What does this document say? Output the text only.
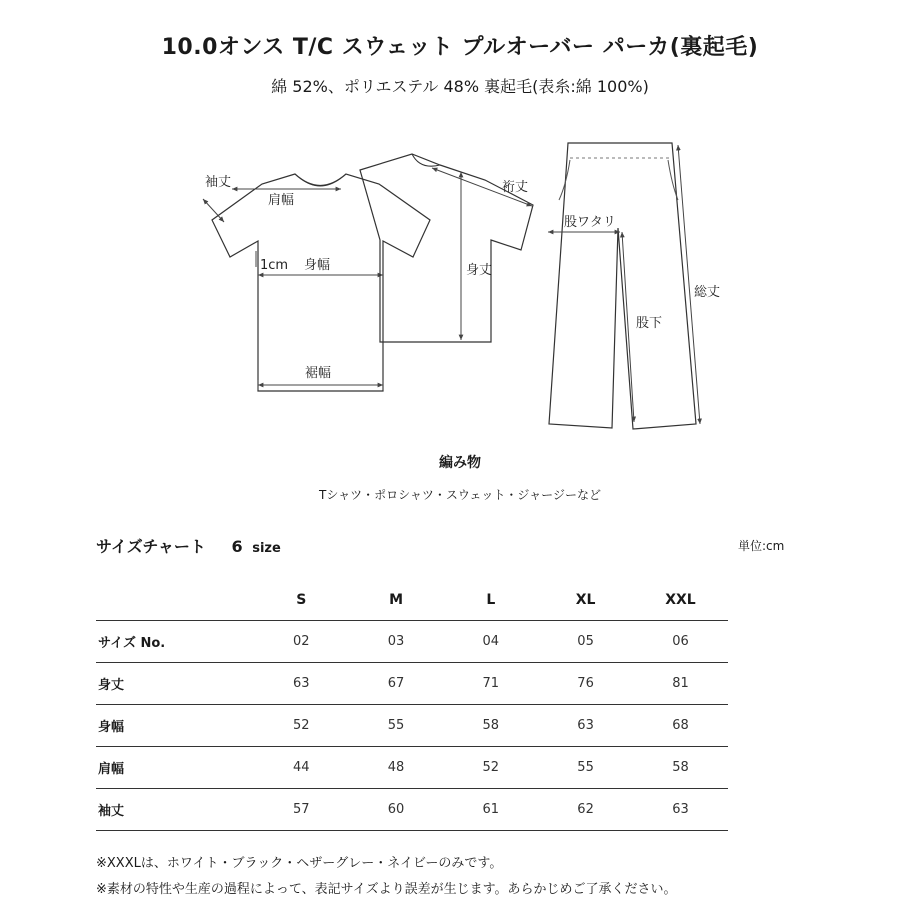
10.0オンス T/C スウェット プルオーバー パーカ(裏起毛)
綿 52%、ポリエステル 48% 裏起毛(表糸:綿 100%)
袖丈
肩幅
1cm 身幅
裾幅
裄丈
身丈
股ワタリ
総丈
股下
編み物
Tシャツ・ポロシャツ・スウェット・ジャージーなど
サイズチャート 6 size	単位:cm
	S	M	L	XL	XXL
サイズ No.	02	03	04	05	06
身丈	63	67	71	76	81
身幅	52	55	58	63	68
肩幅	44	48	52	55	58
袖丈	57	60	61	62	63
※XXXLは、ホワイト・ブラック・ヘザーグレー・ネイビーのみです。
※素材の特性や生産の過程によって、表記サイズより誤差が生じます。あらかじめご了承ください。
